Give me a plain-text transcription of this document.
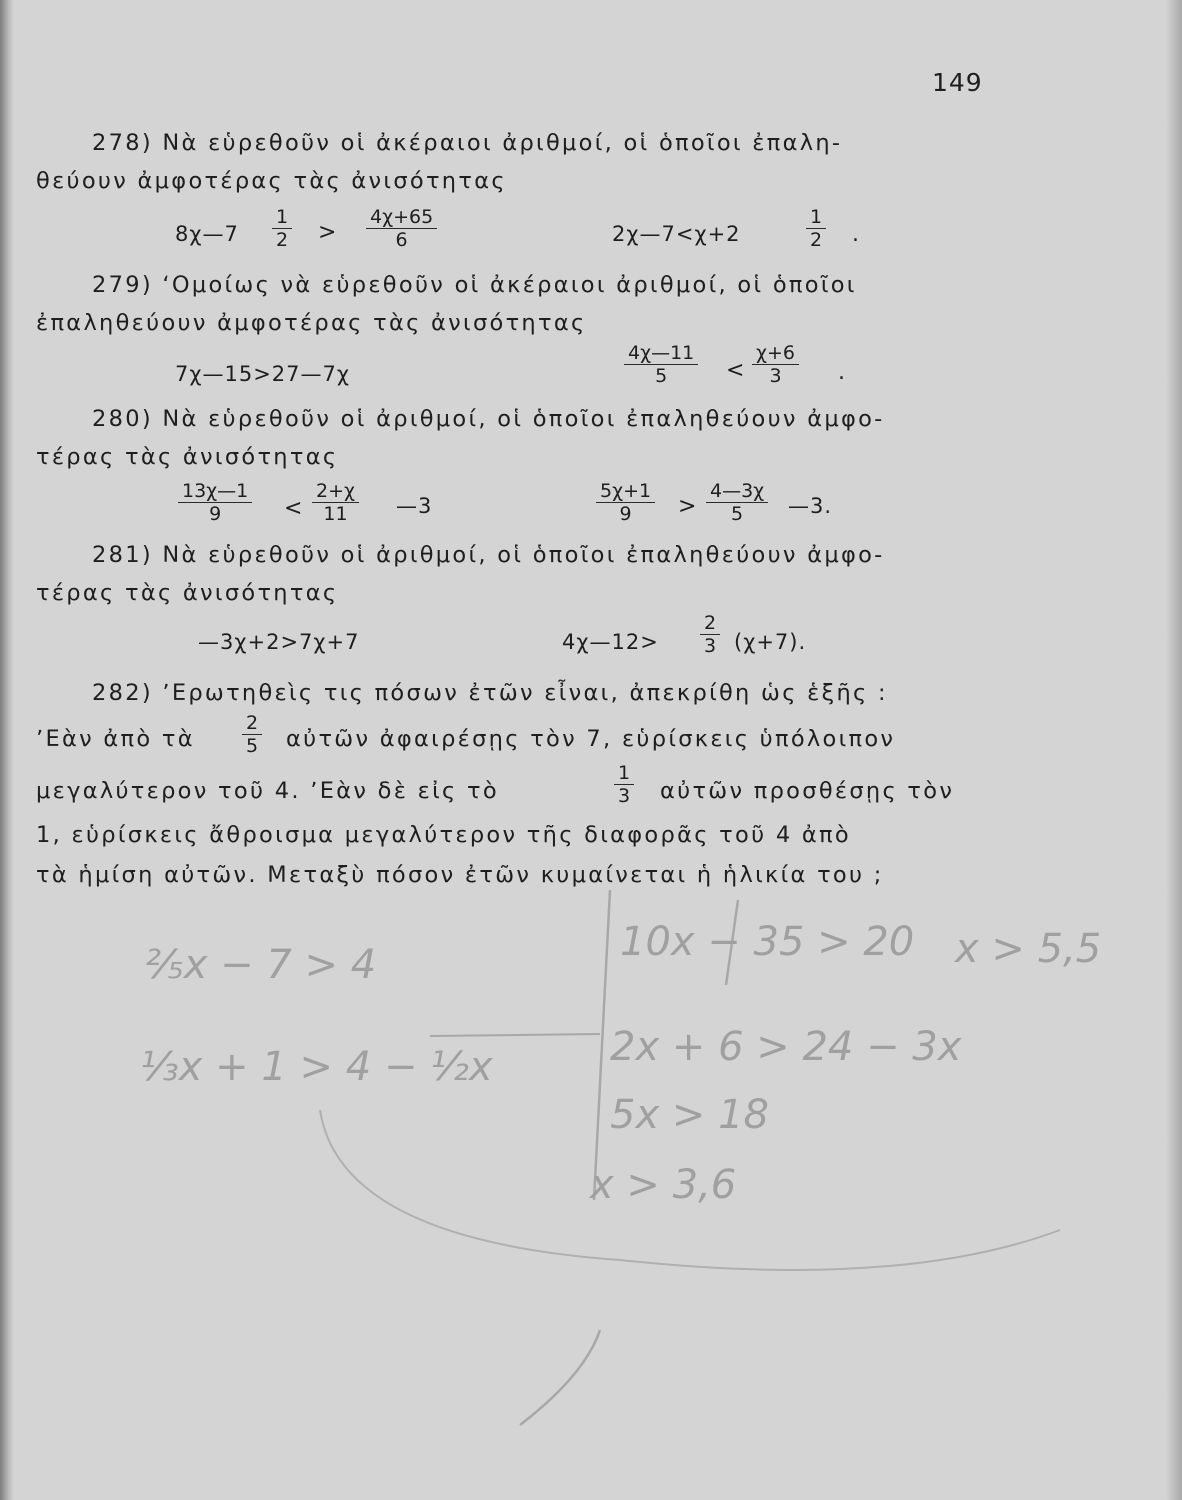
149
278) Νὰ εὑρεθοῦν οἱ ἀκέραιοι ἀριθμοί, οἱ ὁποῖοι ἐπαλη-
θεύουν ἀμφοτέρας τὰς ἀνισότητας
8χ—7 $\frac{1}{2} > \frac{4\chi+65}{6}$	2χ—7<χ+2	$\frac{1}{2}$ .
279) ʻΟμοίως νὰ εὑρεθοῦν οἱ ἀκέραιοι ἀριθμοί, οἱ ὁποῖοι
ἐπαληθεύουν ἀμφοτέρας τὰς ἀνισότητας
7χ—15>27—7χ	$\frac{4\chi—11}{5} < \frac{\chi+6}{3}$ .
280) Νὰ εὑρεθοῦν οἱ ἀριθμοί, οἱ ὁποῖοι ἐπαληθεύουν ἀμφο-
τέρας τὰς ἀνισότητας
$\frac{13\chi—1}{9} < \frac{2+\chi}{11}$ —3	$\frac{5\chi+1}{9} > \frac{4—3\chi}{5}$ —3.
281) Νὰ εὑρεθοῦν οἱ ἀριθμοί, οἱ ὁποῖοι ἐπαληθεύουν ἀμφο-
τέρας τὰς ἀνισότητας
—3χ+2>7χ+7	4χ—12> $\frac{2}{3} (\chi+7)$.
282) ʼΕρωτηθεὶς τις πόσων ἐτῶν εἶναι, ἀπεκρίθη ὡς ἑξῆς :
ʼΕὰν ἀπὸ τὰ $\frac{2}{5}$ αὐτῶν ἀφαιρέσῃς τὸν 7, εὑρίσκεις ὑπόλοιπον
μεγαλύτερον τοῦ 4. ʼΕὰν δὲ εἰς τὸ	$\frac{1}{3}$ αὐτῶν προσθέσῃς τὸν
1, εὑρίσκεις ἄθροισμα μεγαλύτερον τῆς διαφορᾶς τοῦ 4 ἀπὸ
τὰ ἡμίση αὐτῶν. Μεταξὺ πόσον ἐτῶν κυμαίνεται ἡ ἡλικία του ;
⅖x − 7 > 4
⅓x + 1 > 4 − ½x
10x − 35 > 20 x > 5,5
2x + 6 > 24 − 3x
5x > 18
x > 3,6
